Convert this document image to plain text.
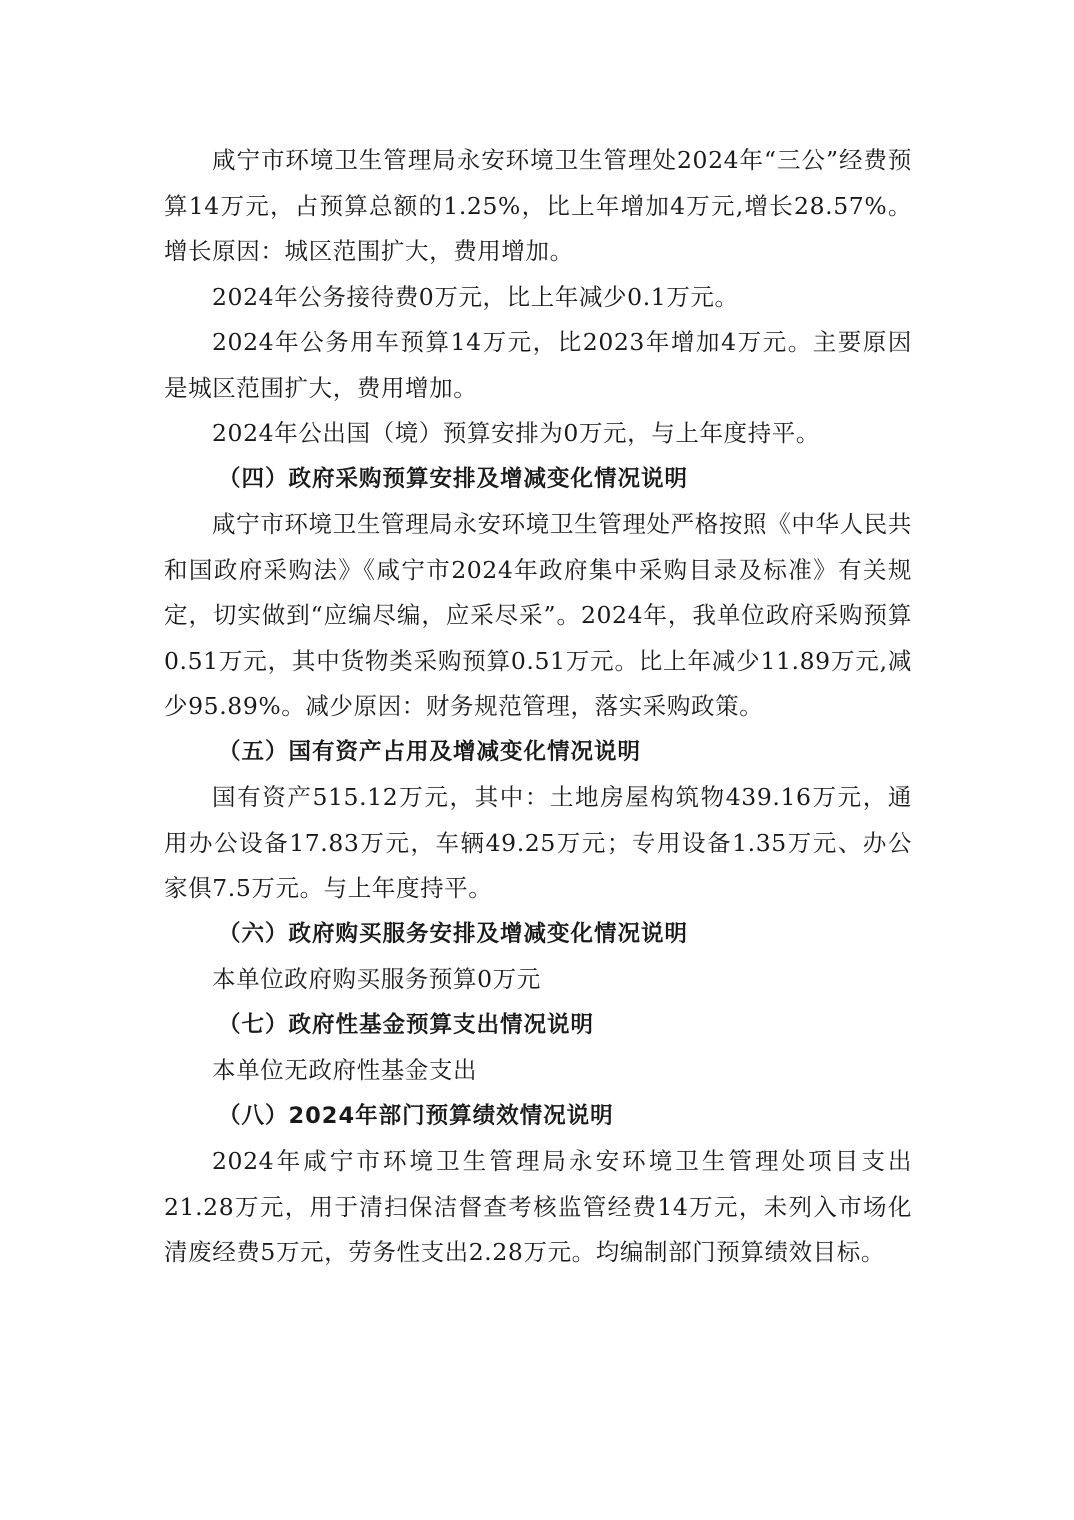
咸宁市环境卫生管理局永安环境卫生管理处2024年“三公”经费预算14万元，占预算总额的1.25%，比上年增加4万元,增长28.57%。增长原因：城区范围扩大，费用增加。

2024年公务接待费0万元，比上年减少0.1万元。

2024年公务用车预算14万元，比2023年增加4万元。主要原因是城区范围扩大，费用增加。

2024年公出国（境）预算安排为0万元，与上年度持平。

（四）政府采购预算安排及增减变化情况说明

咸宁市环境卫生管理局永安环境卫生管理处严格按照《中华人民共和国政府采购法》《咸宁市2024年政府集中采购目录及标准》有关规定，切实做到“应编尽编，应采尽采”。2024年，我单位政府采购预算0.51万元，其中货物类采购预算0.51万元。比上年减少11.89万元,减少95.89%。减少原因：财务规范管理，落实采购政策。

（五）国有资产占用及增减变化情况说明

国有资产515.12万元，其中：土地房屋构筑物439.16万元，通用办公设备17.83万元，车辆49.25万元；专用设备1.35万元、办公家俱7.5万元。与上年度持平。

（六）政府购买服务安排及增减变化情况说明

本单位政府购买服务预算0万元

（七）政府性基金预算支出情况说明

本单位无政府性基金支出

（八）2024年部门预算绩效情况说明

2024年咸宁市环境卫生管理局永安环境卫生管理处项目支出21.28万元，用于清扫保洁督查考核监管经费14万元，未列入市场化清废经费5万元，劳务性支出2.28万元。均编制部门预算绩效目标。
